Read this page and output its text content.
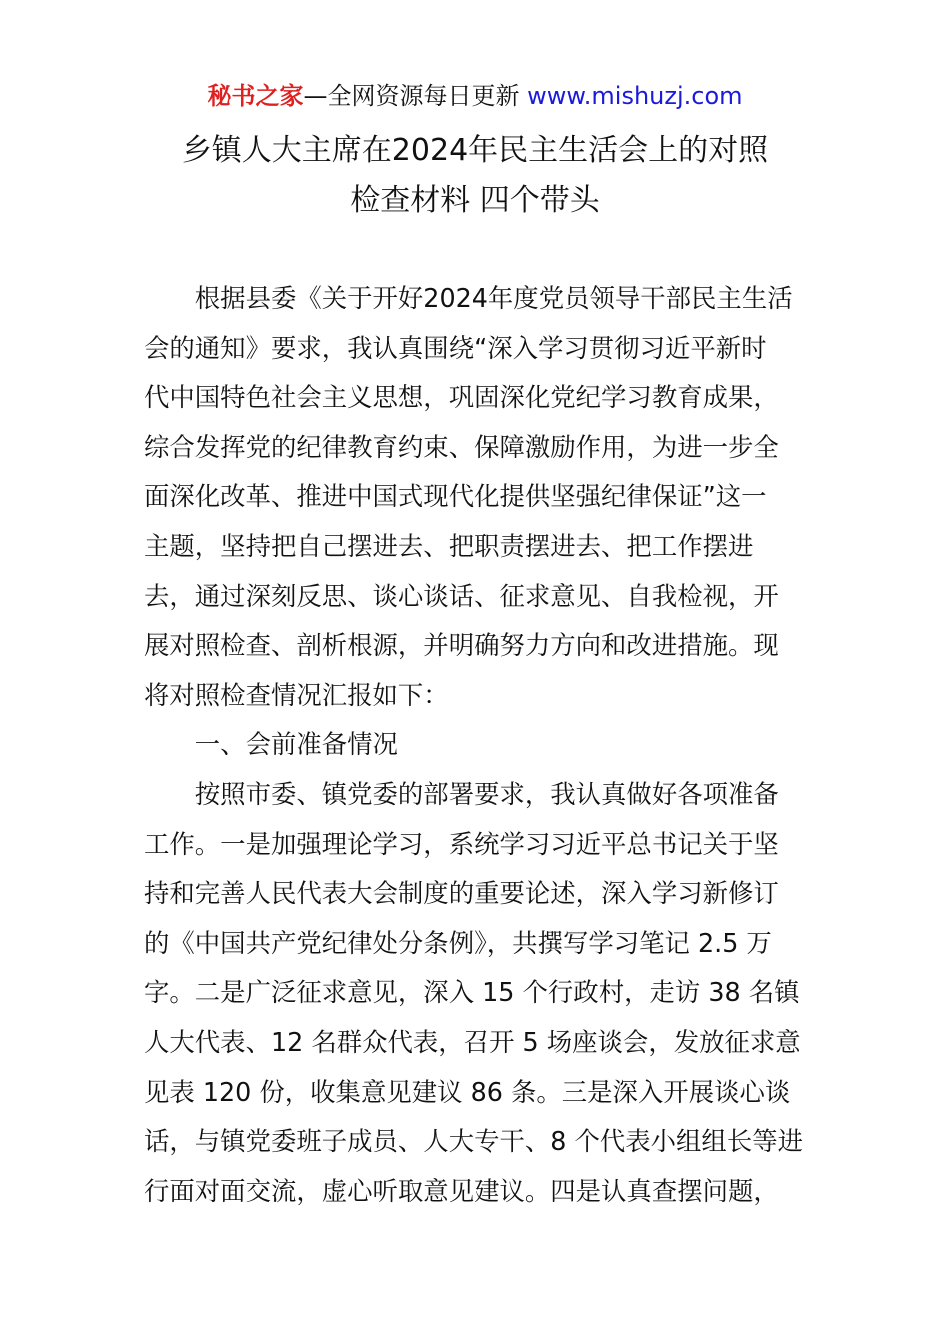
秘书之家—全网资源每日更新 www.mishuzj.com
乡镇人大主席在2024年民主生活会上的对照
检查材料 四个带头
　　根据县委《关于开好2024年度党员领导干部民主生活
会的通知》要求，我认真围绕“深入学习贯彻习近平新时
代中国特色社会主义思想，巩固深化党纪学习教育成果，
综合发挥党的纪律教育约束、保障激励作用，为进一步全
面深化改革、推进中国式现代化提供坚强纪律保证”这一
主题，坚持把自己摆进去、把职责摆进去、把工作摆进
去，通过深刻反思、谈心谈话、征求意见、自我检视，开
展对照检查、剖析根源，并明确努力方向和改进措施。现
将对照检查情况汇报如下：
　　一、会前准备情况
　　按照市委、镇党委的部署要求，我认真做好各项准备
工作。一是加强理论学习，系统学习习近平总书记关于坚
持和完善人民代表大会制度的重要论述，深入学习新修订
的《中国共产党纪律处分条例》，共撰写学习笔记 2.5 万
字。二是广泛征求意见，深入 15 个行政村，走访 38 名镇
人大代表、12 名群众代表，召开 5 场座谈会，发放征求意
见表 120 份，收集意见建议 86 条。三是深入开展谈心谈
话，与镇党委班子成员、人大专干、8 个代表小组组长等进
行面对面交流，虚心听取意见建议。四是认真查摆问题，
